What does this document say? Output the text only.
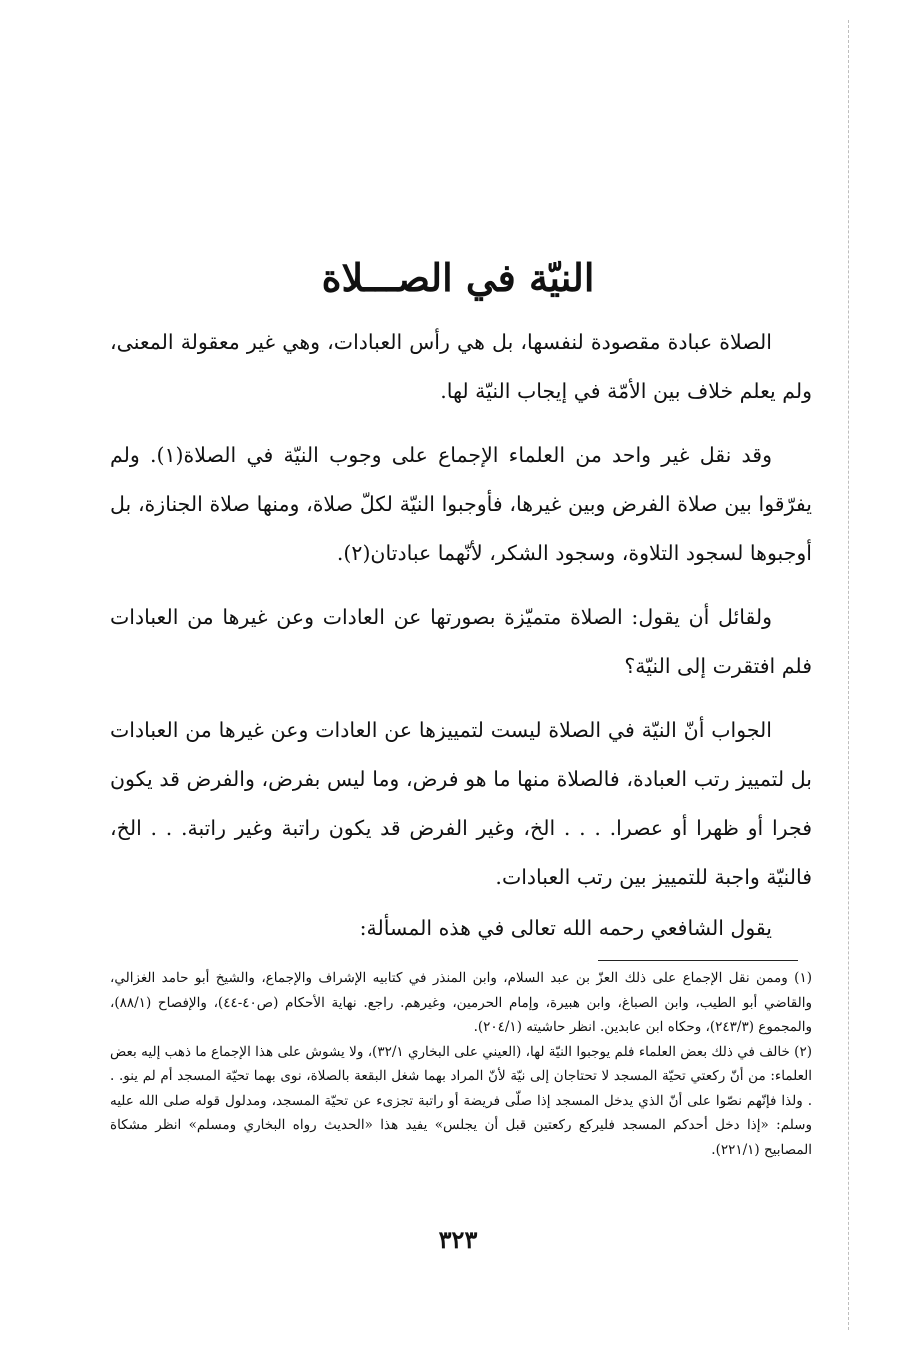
النيّة في الصـــلاة

الصلاة عبادة مقصودة لنفسها، بل هي رأس العبادات، وهي غير معقولة المعنى، ولم يعلم خلاف بين الأمّة في إيجاب النيّة لها.

وقد نقل غير واحد من العلماء الإجماع على وجوب النيّة في الصلاة(١). ولم يفرّقوا بين صلاة الفرض وبين غيرها، فأوجبوا النيّة لكلّ صلاة، ومنها صلاة الجنازة، بل أوجبوها لسجود التلاوة، وسجود الشكر، لأنّهما عبادتان(٢).

ولقائل أن يقول: الصلاة متميّزة بصورتها عن العادات وعن غيرها من العبادات فلم افتقرت إلى النيّة؟

الجواب أنّ النيّة في الصلاة ليست لتمييزها عن العادات وعن غيرها من العبادات بل لتمييز رتب العبادة، فالصلاة منها ما هو فرض، وما ليس بفرض، والفرض قد يكون فجرا أو ظهرا أو عصرا. . . . الخ، وغير الفرض قد يكون راتبة وغير راتبة. . . الخ، فالنيّة واجبة للتمييز بين رتب العبادات.

يقول الشافعي رحمه الله تعالى في هذه المسألة:

(١) وممن نقل الإجماع على ذلك العزّ بن عبد السلام، وابن المنذر في كتابيه الإشراف والإجماع، والشيخ أبو حامد الغزالي، والقاضي أبو الطيب، وابن الصباغ، وابن هبيرة، وإمام الحرمين، وغيرهم. راجع. نهاية الأحكام (ص٤٠-٤٤)، والإفصاح (٨٨/١)، والمجموع (٢٤٣/٣)، وحكاه ابن عابدين. انظر حاشيته (٢٠٤/١).

(٢) خالف في ذلك بعض العلماء فلم يوجبوا النيّة لها، (العيني على البخاري ٣٢/١)، ولا يشوش على هذا الإجماع ما ذهب إليه بعض العلماء: من أنّ ركعتي تحيّة المسجد لا تحتاجان إلى نيّة لأنّ المراد بهما شغل البقعة بالصلاة، نوى بهما تحيّة المسجد أم لم ينو. . . ولذا فإنّهم نصّوا على أنّ الذي يدخل المسجد إذا صلّى فريضة أو راتبة تجزىء عن تحيّة المسجد، ومدلول قوله صلى الله عليه وسلم: «إذا دخل أحدكم المسجد فليركع ركعتين قبل أن يجلس» يفيد هذا «الحديث رواه البخاري ومسلم» انظر مشكاة المصابيح (٢٢١/١).

٣٢٣
